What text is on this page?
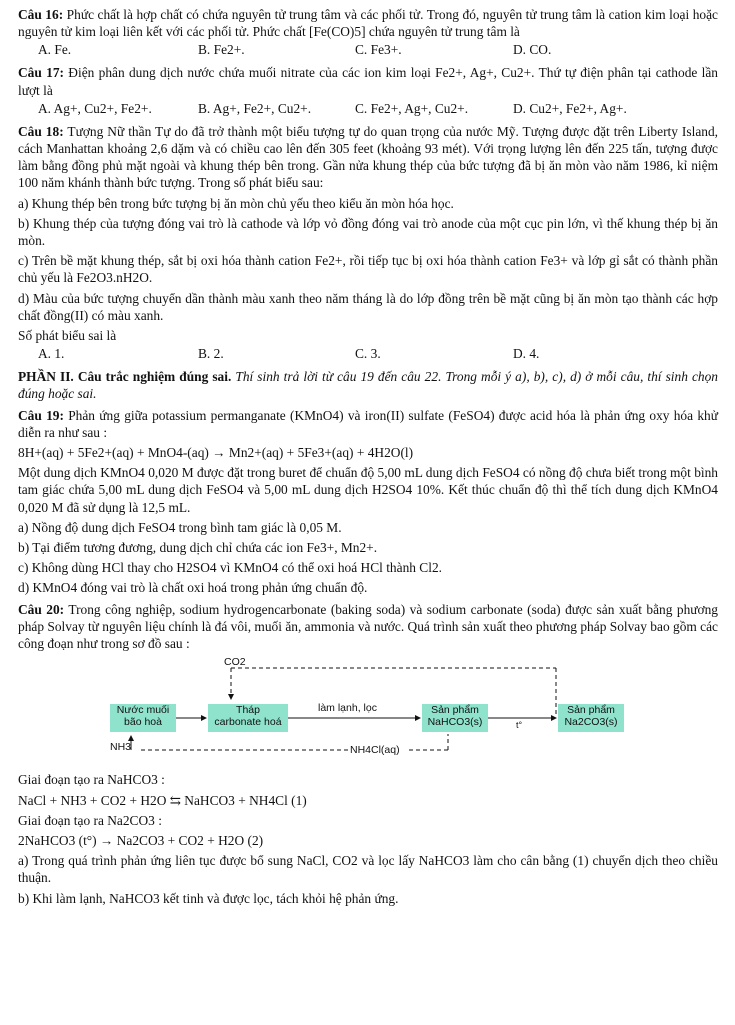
Câu 16: Phức chất là hợp chất có chứa nguyên tử trung tâm và các phối tử. Trong đó, nguyên tử trung tâm là cation kim loại hoặc nguyên tử kim loại liên kết với các phối tử. Phức chất [Fe(CO)5] chứa nguyên tử trung tâm là

A. Fe.	B. Fe2+.	C. Fe3+.	D. CO.

Câu 17: Điện phân dung dịch nước chứa muối nitrate của các ion kim loại Fe2+, Ag+, Cu2+. Thứ tự điện phân tại cathode lần lượt là

A. Ag+, Cu2+, Fe2+.	B. Ag+, Fe2+, Cu2+.	C. Fe2+, Ag+, Cu2+.	D. Cu2+, Fe2+, Ag+.

Câu 18: Tượng Nữ thần Tự do đã trở thành một biểu tượng tự do quan trọng của nước Mỹ. Tượng được đặt trên Liberty Island, cách Manhattan khoảng 2,6 dặm và có chiều cao lên đến 305 feet (khoảng 93 mét). Với trọng lượng lên đến 225 tấn, tượng được làm bằng đồng phủ mặt ngoài và khung thép bên trong. Gần nửa khung thép của bức tượng đã bị ăn mòn vào năm 1986, kỉ niệm 100 năm khánh thành bức tượng. Trong số phát biểu sau:

a) Khung thép bên trong bức tượng bị ăn mòn chủ yếu theo kiểu ăn mòn hóa học.

b) Khung thép của tượng đóng vai trò là cathode và lớp vỏ đồng đóng vai trò anode của một cục pin lớn, vì thế khung thép bị ăn mòn.

c) Trên bề mặt khung thép, sắt bị oxi hóa thành cation Fe2+, rồi tiếp tục bị oxi hóa thành cation Fe3+ và lớp gỉ sắt có thành phần chủ yếu là Fe2O3.nH2O.

d) Màu của bức tượng chuyển dần thành màu xanh theo năm tháng là do lớp đồng trên bề mặt cũng bị ăn mòn tạo thành các hợp chất đồng(II) có màu xanh.

Số phát biểu sai là

A. 1.	B. 2.	C. 3.	D. 4.

PHẦN II. Câu trắc nghiệm đúng sai. Thí sinh trả lời từ câu 19 đến câu 22. Trong mỗi ý a), b), c), d) ở mỗi câu, thí sinh chọn đúng hoặc sai.

Câu 19: Phản ứng giữa potassium permanganate (KMnO4) và iron(II) sulfate (FeSO4) được acid hóa là phản ứng oxy hóa khử diễn ra như sau :

8H+(aq) + 5Fe2+(aq) + MnO4-(aq) → Mn2+(aq) + 5Fe3+(aq) + 4H2O(l)

Một dung dịch KMnO4 0,020 M được đặt trong buret để chuẩn độ 5,00 mL dung dịch FeSO4 có nồng độ chưa biết trong một bình tam giác chứa 5,00 mL dung dịch FeSO4 và 5,00 mL dung dịch H2SO4 10%. Kết thúc chuẩn độ thì thể tích dung dịch KMnO4 0,020 M đã sử dụng là 12,5 mL.

a) Nồng độ dung dịch FeSO4 trong bình tam giác là 0,05 M.

b) Tại điểm tương đương, dung dịch chỉ chứa các ion Fe3+, Mn2+.

c) Không dùng HCl thay cho H2SO4 vì KMnO4 có thể oxi hoá HCl thành Cl2.

d) KMnO4 đóng vai trò là chất oxi hoá trong phản ứng chuẩn độ.

Câu 20: Trong công nghiệp, sodium hydrogencarbonate (baking soda) và sodium carbonate (soda) được sản xuất bằng phương pháp Solvay từ nguyên liệu chính là đá vôi, muối ăn, ammonia và nước. Quá trình sản xuất theo phương pháp Solvay bao gồm các công đoạn như trong sơ đồ sau :

CO2
Nước muối
bão hoà
Tháp
carbonate hoá
làm lạnh, lọc	Sản phẩm
NaHCO3(s)	t°
Sản phẩm
Na2CO3(s)
NH3	NH4Cl(aq)

Giai đoạn tạo ra NaHCO3 :

NaCl + NH3 + CO2 + H2O ⇆ NaHCO3 + NH4Cl (1)

Giai đoạn tạo ra Na2CO3 :

2NaHCO3 (t°) → Na2CO3 + CO2 + H2O (2)

a) Trong quá trình phản ứng liên tục được bổ sung NaCl, CO2 và lọc lấy NaHCO3 làm cho cân bằng (1) chuyển dịch theo chiều thuận.

b) Khi làm lạnh, NaHCO3 kết tinh và được lọc, tách khỏi hệ phản ứng.
